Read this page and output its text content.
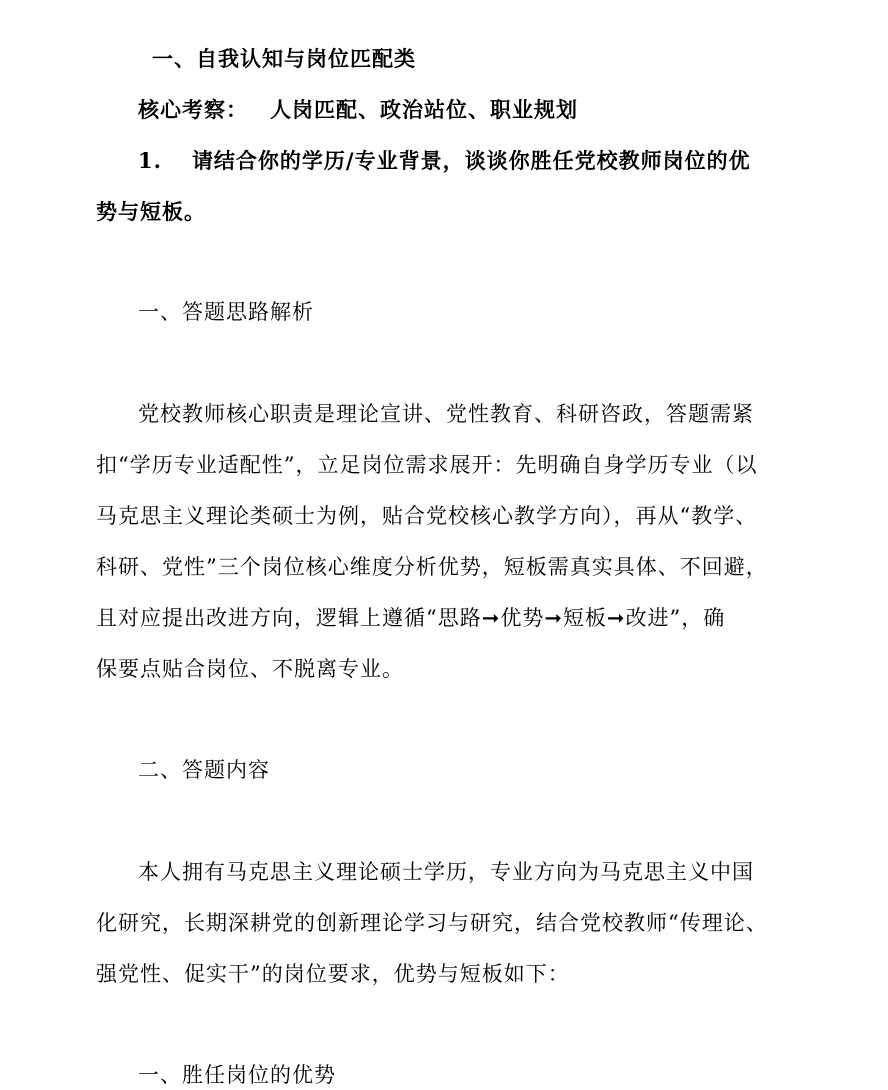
一、自我认知与岗位匹配类
核心考察： 人岗匹配、政治站位、职业规划
1. 请结合你的学历/专业背景，谈谈你胜任党校教师岗位的优
势与短板。
一、答题思路解析
党校教师核心职责是理论宣讲、党性教育、科研咨政，答题需紧
扣“学历专业适配性”，立足岗位需求展开：先明确自身学历专业（以
马克思主义理论类硕士为例，贴合党校核心教学方向），再从“教学、
科研、党性”三个岗位核心维度分析优势，短板需真实具体、不回避，
且对应提出改进方向，逻辑上遵循“思路➞优势➞短板➞改进”，确
保要点贴合岗位、不脱离专业。
二、答题内容
本人拥有马克思主义理论硕士学历，专业方向为马克思主义中国
化研究，长期深耕党的创新理论学习与研究，结合党校教师“传理论、
强党性、促实干”的岗位要求，优势与短板如下：
一、胜任岗位的优势
